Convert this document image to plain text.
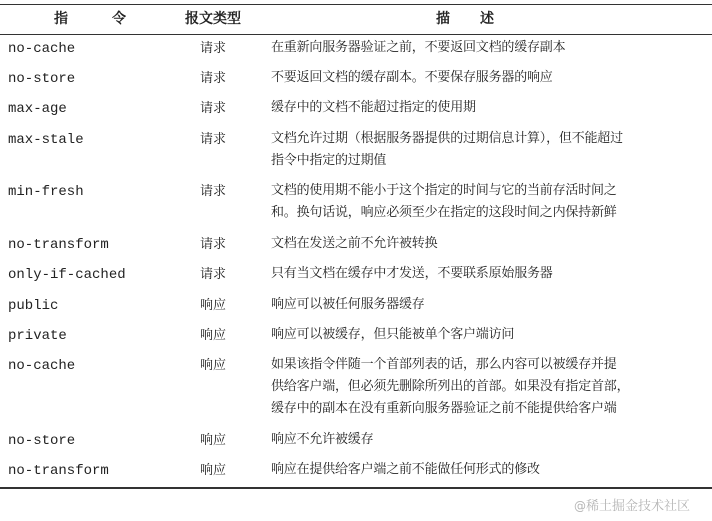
指令 报文类型	描述
no-cache	请求	在重新向服务器验证之前，不要返回文档的缓存副本
no-store	请求	不要返回文档的缓存副本。不要保存服务器的响应
max-age	请求	缓存中的文档不能超过指定的使用期
max-stale	请求	文档允许过期（根据服务器提供的过期信息计算），但不能超过
指令中指定的过期值
min-fresh	请求	文档的使用期不能小于这个指定的时间与它的当前存活时间之
和。换句话说，响应必须至少在指定的这段时间之内保持新鲜
no-transform	请求	文档在发送之前不允许被转换
only-if-cached	请求	只有当文档在缓存中才发送，不要联系原始服务器
public	响应	响应可以被任何服务器缓存
private	响应	响应可以被缓存，但只能被单个客户端访问
no-cache	响应	如果该指令伴随一个首部列表的话，那么内容可以被缓存并提
供给客户端，但必须先删除所列出的首部。如果没有指定首部，
缓存中的副本在没有重新向服务器验证之前不能提供给客户端
no-store	响应	响应不允许被缓存
no-transform	响应	响应在提供给客户端之前不能做任何形式的修改
@稀土掘金技术社区
